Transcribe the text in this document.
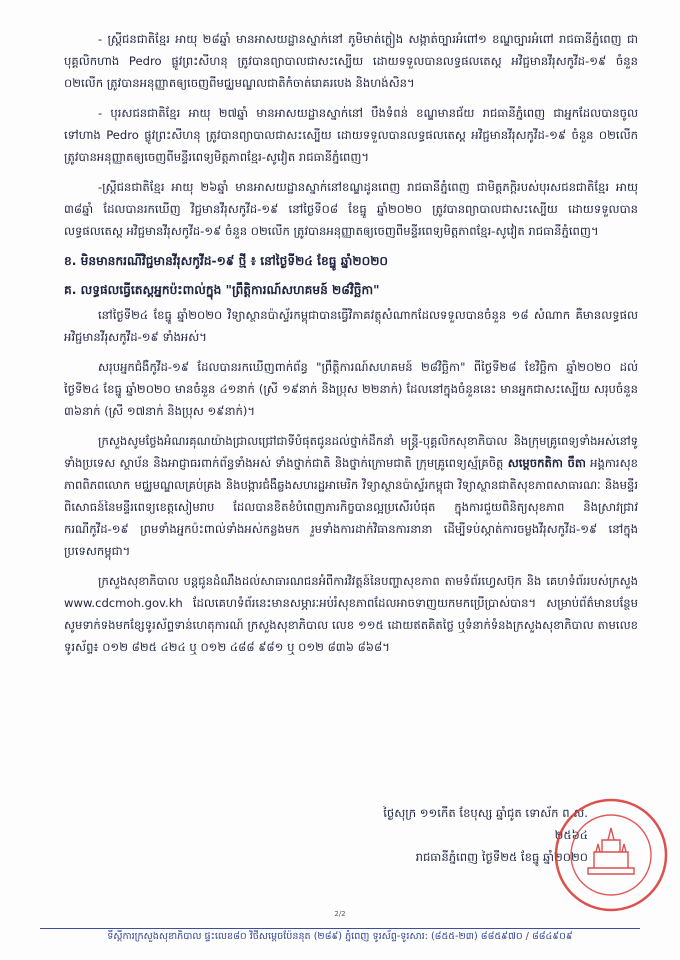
- ស្ត្រីជនជាតិខ្មែរ អាយុ ២៨ឆ្នាំ មានអាសយដ្ឋានស្នាក់នៅ ភូមិមាត់ក្លៀង សង្កាត់ច្បារអំពៅ១ ខណ្ឌច្បារអំពៅ រាជធានីភ្នំពេញ ជាបុគ្គលិកហាង Pedro ផ្លូវព្រះសីហនុ ត្រូវបានព្យាបាលជាសះស្បើយ ដោយទទួលបានលទ្ធផលតេស្ត អវិជ្ជមានវីរុសកូវីដ-១៩ ចំនួន ០២លើក ត្រូវបានអនុញ្ញាតឲ្យចេញពីមជ្ឈមណ្ឌលជាតិកំចាត់រោគរបេង និងហង់សិន។

- បុរសជនជាតិខ្មែរ អាយុ ២៧ឆ្នាំ មានអាសយដ្ឋានស្នាក់នៅ បឹងទំពន់ ខណ្ឌមានជ័យ រាជធានីភ្នំពេញ ជាអ្នកដែលបានចូលទៅហាង Pedro ផ្លូវព្រះសីហនុ ត្រូវបានព្យាបាលជាសះស្បើយ ដោយទទួលបានលទ្ធផលតេស្ត អវិជ្ជមានវីរុសកូវីដ-១៩ ចំនួន ០២លើក ត្រូវបានអនុញ្ញាតឲ្យចេញពីមន្ទីរពេទ្យមិត្តភាពខ្មែរ-សូវៀត រាជធានីភ្នំពេញ។

-ស្ត្រីជនជាតិខ្មែរ អាយុ ២៦ឆ្នាំ មានអាសយដ្ឋានស្នាក់នៅខណ្ឌដូនពេញ រាជធានីភ្នំពេញ ជាមិត្តភក្តិរបស់បុរសជនជាតិខ្មែរ អាយុ ៣៨ឆ្នាំ ដែលបានរកឃើញ វិជ្ជមានវីរុសកូវីដ-១៩ នៅថ្ងៃទី០៨ ខែធ្នូ ឆ្នាំ២០២០ ត្រូវបានព្យាបាលជាសះស្បើយ ដោយទទួលបានលទ្ធផលតេស្ត អវិជ្ជមានវីរុសកូវីដ-១៩ ចំនួន ០២លើក ត្រូវបានអនុញ្ញាតឲ្យចេញពីមន្ទីរពេទ្យមិត្តភាពខ្មែរ-សូវៀត រាជធានីភ្នំពេញ។

ខ. មិនមានករណីវិជ្ជមានវីរុសកូវីដ-១៩ ថ្មី ៖ នៅថ្ងៃទី២៤ ខែធ្នូ ឆ្នាំ២០២០
គ. លទ្ធផលធ្វើតេស្តអ្នកប៉ះពាល់ក្នុង "ព្រឹត្តិការណ៍សហគមន៍ ២៨វិច្ឆិកា"

នៅថ្ងៃទី២៤ ខែធ្នូ ឆ្នាំ២០២០ វិទ្យាស្ថានប៉ាស្ទ័រកម្ពុជាបានធ្វើវិភាគវត្ថុសំណាកដែលទទួលបានចំនួន ១៨ សំណាក គឺមានលទ្ធផល អវិជ្ជមានវីរុសកូវីដ-១៩ ទាំងអស់។

សរុបអ្នកជំងឺកូវីដ-១៩ ដែលបានរកឃើញពាក់ព័ន្ធ "ព្រឹត្តិការណ៍សហគមន៍ ២៨វិច្ឆិកា" ពីថ្ងៃទី២៨ ខែវិច្ឆិកា ឆ្នាំ២០២០ ដល់ថ្ងៃទី២៤ ខែធ្នូ ឆ្នាំ២០២០ មានចំនួន ៤១នាក់ (ស្រី ១៩នាក់ និងប្រុស ២២នាក់) ដែលនៅក្នុងចំនួននេះ មានអ្នកជាសះស្បើយ សរុបចំនួន ៣៦នាក់ (ស្រី ១៧នាក់ និងប្រុស ១៩នាក់)។

ក្រសួងសូមថ្លែងអំណរគុណយ៉ាងជ្រាលជ្រៅជាទីបំផុតជូនដល់ថ្នាក់ដឹកនាំ មន្ត្រី-បុគ្គលិកសុខាភិបាល និងក្រុមគ្រូពេទ្យទាំងអស់នៅទូទាំងប្រទេស ស្ថាប័ន និងអាជ្ញាធរពាក់ព័ន្ធទាំងអស់ ទាំងថ្នាក់ជាតិ និងថ្នាក់ក្រោមជាតិ ក្រុមគ្រូពេទ្យស្ម័គ្រចិត្ត សម្តេចកតិកា ចឹតា អង្គការសុខភាពពិភពលោក មជ្ឈមណ្ឌលគ្រប់គ្រង និងបង្ការជំងឺឆ្លងសហរដ្ឋអាមេរិក វិទ្យាស្ថានប៉ាស្ទ័រកម្ពុជា វិទ្យាស្ថានជាតិសុខភាពសាធារណៈ និងមន្ទីរពិសោធន៍នៃមន្ទីរពេទ្យខេត្តសៀមរាប ដែលបានខិតខំបំពេញភារកិច្ចបានល្អប្រសើរបំផុត ក្នុងការជួយពិនិត្យសុខភាព និងស្រាវជ្រាវករណីកូវីដ-១៩ ព្រមទាំងអ្នកប៉ះពាល់ទាំងអស់កន្លងមក រួមទាំងការដាក់វិធានការនានា ដើម្បីទប់ស្កាត់ការចម្លងវីរុសកូវីដ-១៩ នៅក្នុងប្រទេសកម្ពុជា។

ក្រសួងសុខាភិបាល បន្តជូនដំណឹងដល់សាធារណជនអំពីការវិវត្តន៍នៃបញ្ហាសុខភាព តាមទំព័រហ្វេសប៊ុក និង គេហទំព័ររបស់ក្រសួង www.cdcmoh.gov.kh ដែលគេហទំព័រនេះមានសម្ភារៈអប់រំសុខភាពដែលអាចទាញយកមកប្រើប្រាស់បាន។ សម្រាប់ព័ត៌មានបន្ថែម សូមទាក់ទងមកខ្សែទូរស័ព្ទទាន់ហេតុការណ៍ ក្រសួងសុខាភិបាល លេខ ១១៥ ដោយឥតគិតថ្លៃ ឬទំនាក់ទំនងក្រសួងសុខាភិបាល តាមលេខទូរស័ព្ទ៖ ០១២ ៨២៥ ៤២៤ ឬ ០១២ ៤៨៨ ៩៨១ ឬ ០១២ ៨៣៦ ៨៦៨។

ថ្ងៃសុក្រ ១១កើត ខែបុស្ស ឆ្នាំជូត ទោស័ក ព.ស. ២៥៦៤
រាជធានីភ្នំពេញ ថ្ងៃទី២៥ ខែធ្នូ ឆ្នាំ២០២០
2/2
ទីស្តីការក្រសួងសុខាភិបាល ផ្ទះលេខ៨០ វិថីសម្តេចប៉ែននុត (២៨៩) ភ្នំពេញ ទូរស័ព្ទ-ទូរសារ: (៨៥៥-២៣) ៨៨៥៩៧០ / ៨៨៤៩០៩
